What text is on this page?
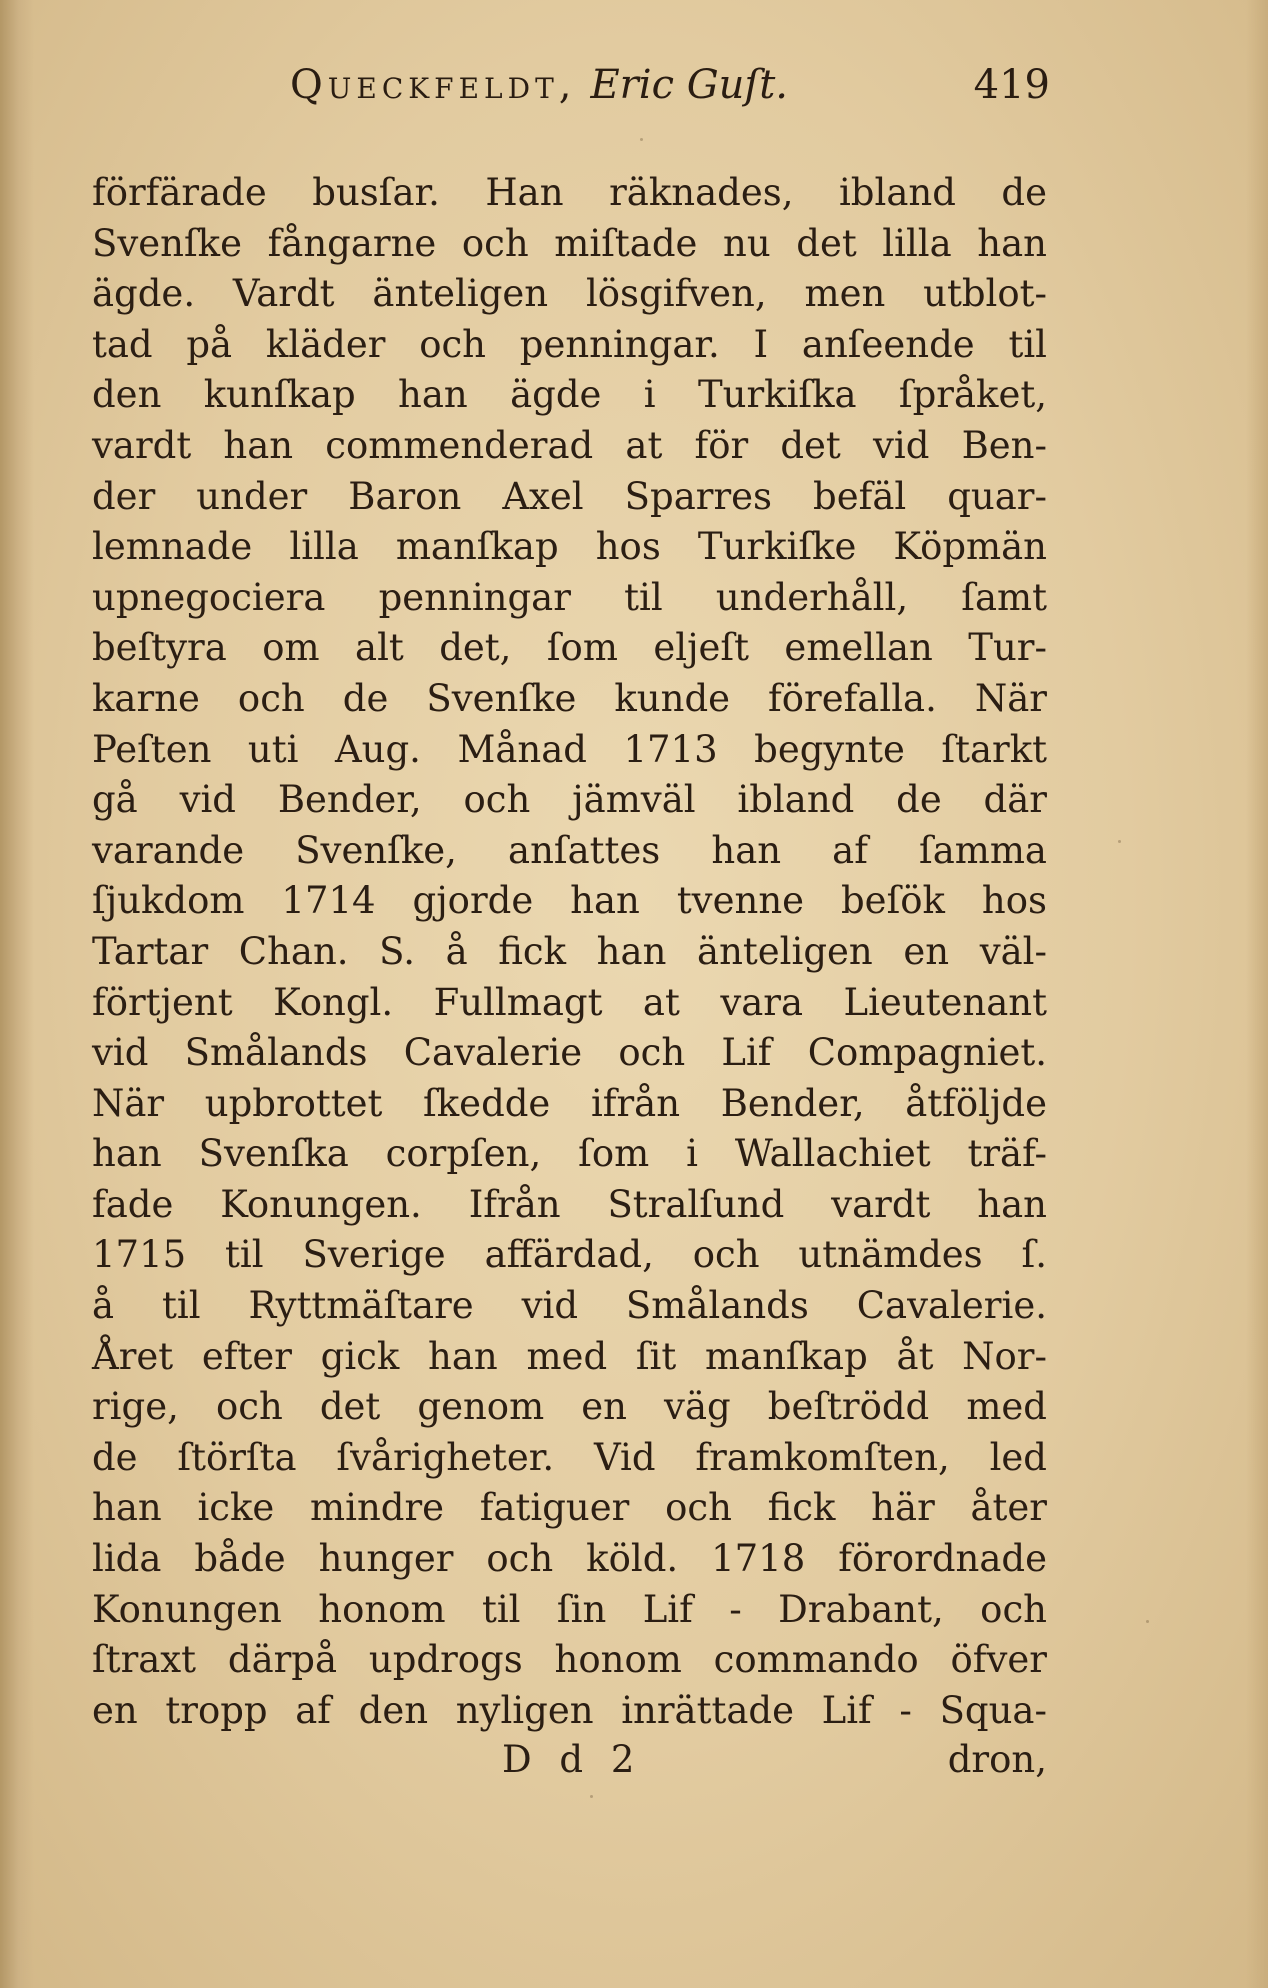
Queckfeldt, Eric Guſt.	419
förfärade busſar. Han räknades, ibland de
Svenſke fångarne och miſtade nu det lilla han
ägde. Vardt änteligen lösgifven, men utblot-
tad på kläder och penningar. I anſeende til
den kunſkap han ägde i Turkiſka ſpråket,
vardt han commenderad at för det vid Ben-
der under Baron Axel Sparres befäl quar-
lemnade lilla manſkap hos Turkiſke Köpmän
upnegociera penningar til underhåll, ſamt
beſtyra om alt det, ſom eljeſt emellan Tur-
karne och de Svenſke kunde förefalla. När
Peſten uti Aug. Månad 1713 begynte ſtarkt
gå vid Bender, och jämväl ibland de där
varande Svenſke, anſattes han af ſamma
ſjukdom 1714 gjorde han tvenne beſök hos
Tartar Chan. S. å fick han änteligen en väl-
förtjent Kongl. Fullmagt at vara Lieutenant
vid Smålands Cavalerie och Lif Compagniet.
När upbrottet ſkedde ifrån Bender, åtföljde
han Svenſka corpſen, ſom i Wallachiet träf-
fade Konungen. Ifrån Stralſund vardt han
1715 til Sverige affärdad, och utnämdes ſ.
å til Ryttmäſtare vid Smålands Cavalerie.
Året efter gick han med ſit manſkap åt Nor-
rige, och det genom en väg beſtrödd med
de ſtörſta ſvårigheter. Vid framkomſten, led
han icke mindre fatiguer och fick här åter
lida både hunger och köld. 1718 förordnade
Konungen honom til ſin Lif - Drabant, och
ſtraxt därpå updrogs honom commando öfver
en tropp af den nyligen inrättade Lif - Squa-
D d 2	dron,
